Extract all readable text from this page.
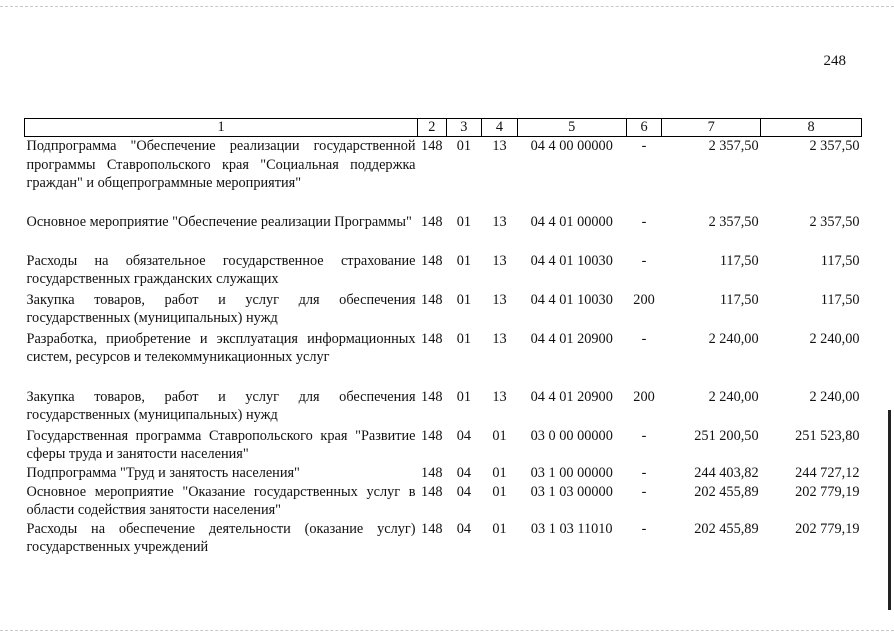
248
1	2	3	4	5	6	7	8
Подпрограмма "Обеспечение реализации государственной программы Ставропольского края "Социальная поддержка граждан" и общепрограммные мероприятия"	148	01	13	04 4 00 00000	-	2 357,50	2 357,50
Основное мероприятие "Обеспечение реализации Программы"	148	01	13	04 4 01 00000	-	2 357,50	2 357,50
Расходы на обязательное государственное страхование государственных гражданских служащих	148	01	13	04 4 01 10030	-	117,50	117,50
Закупка товаров, работ и услуг для обеспечения государственных (муниципальных) нужд	148	01	13	04 4 01 10030	200	117,50	117,50
Разработка, приобретение и эксплуатация информационных систем, ресурсов и телекоммуникационных услуг	148	01	13	04 4 01 20900	-	2 240,00	2 240,00
Закупка товаров, работ и услуг для обеспечения государственных (муниципальных) нужд	148	01	13	04 4 01 20900	200	2 240,00	2 240,00
Государственная программа Ставропольского края "Развитие сферы труда и занятости населения"	148	04	01	03 0 00 00000	-	251 200,50	251 523,80
Подпрограмма "Труд и занятость населения"	148	04	01	03 1 00 00000	-	244 403,82	244 727,12
Основное мероприятие "Оказание государственных услуг в области содействия занятости населения"	148	04	01	03 1 03 00000	-	202 455,89	202 779,19
Расходы на обеспечение деятельности (оказание услуг) государственных учреждений	148	04	01	03 1 03 11010	-	202 455,89	202 779,19
